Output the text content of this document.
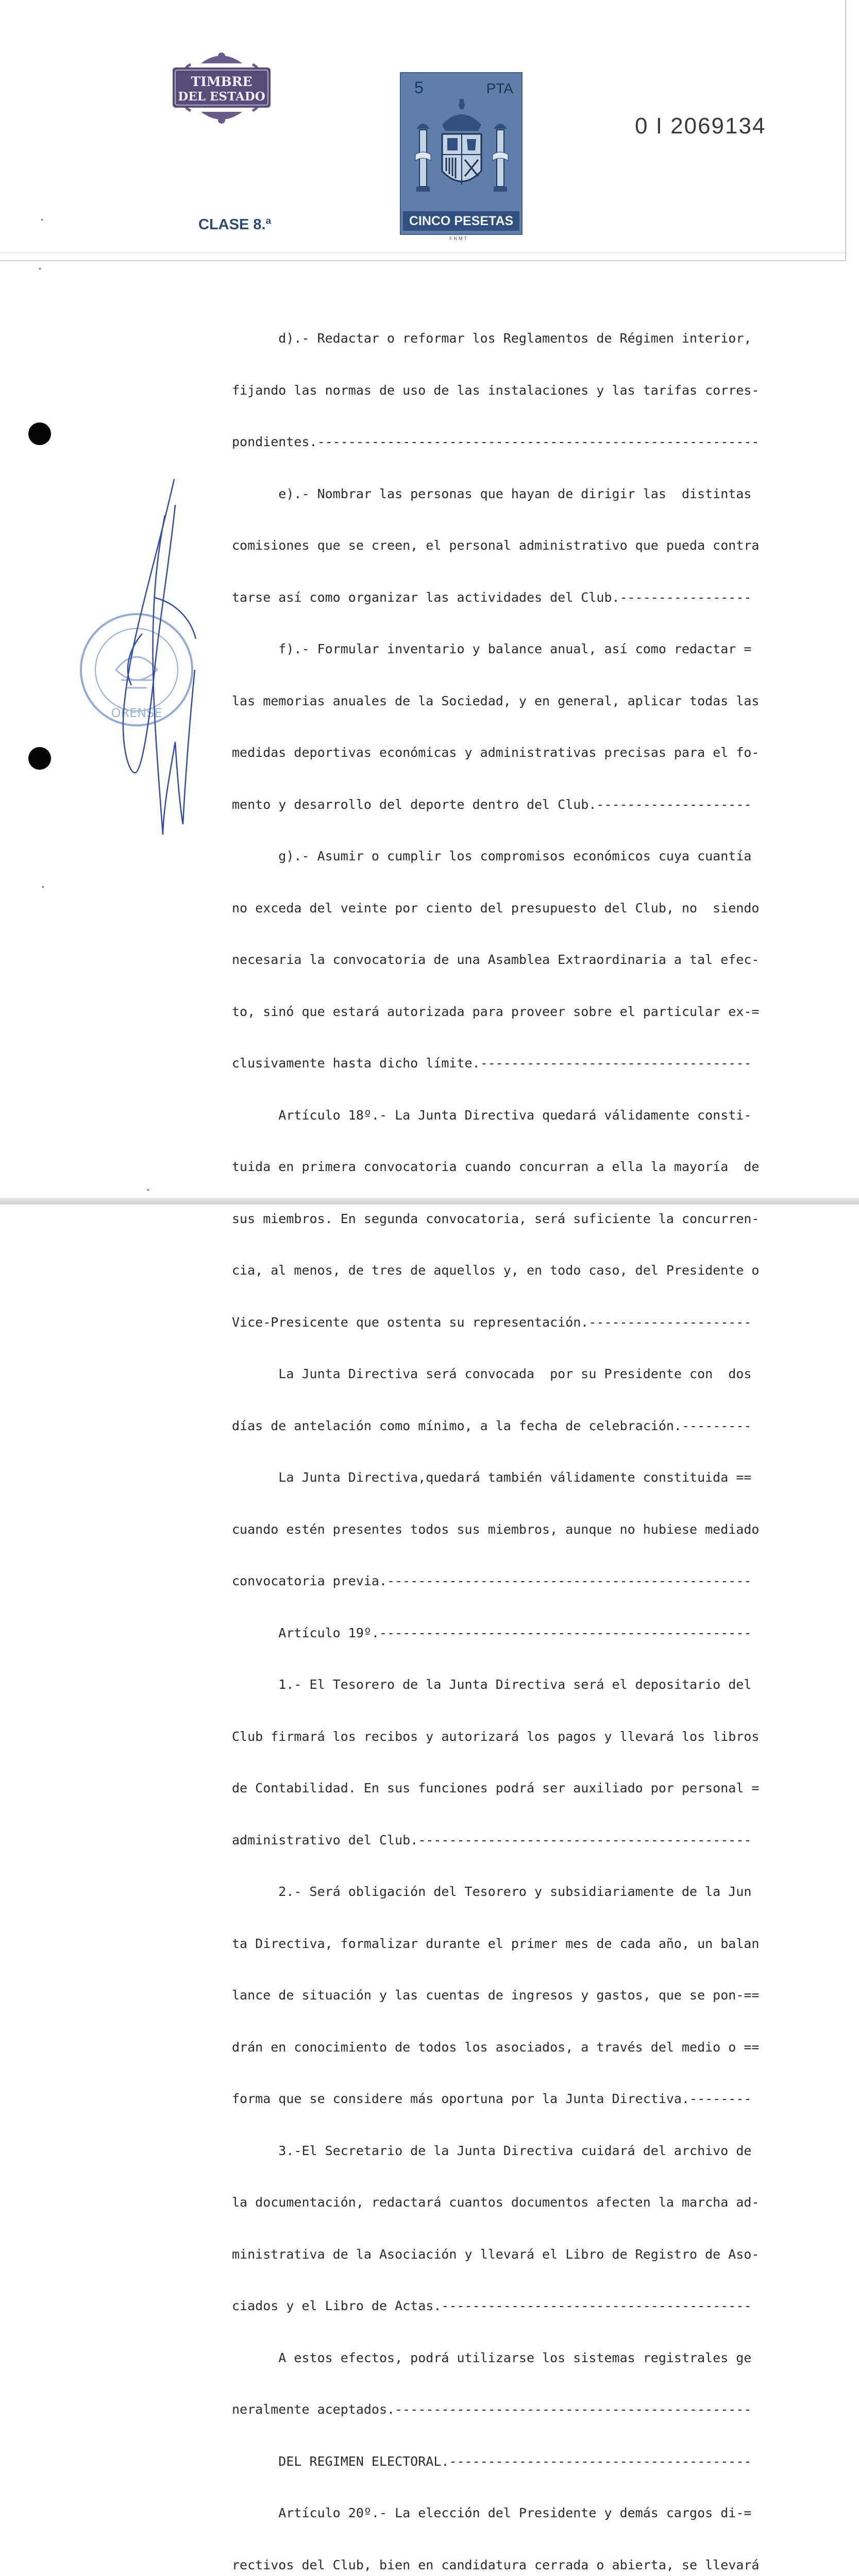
TIMBRE
DEL ESTADO	5	PTA
CINCO PESETAS
FNMT
0 I 2069134
CLASE 8.ª

d).- Redactar o reformar los Reglamentos de Régimen interior,

fijando las normas de uso de las instalaciones y las tarifas corres-

pondientes.---------------------------------------------------------

e).- Nombrar las personas que hayan de dirigir las  distintas

comisiones que se creen, el personal administrativo que pueda contra

tarse así como organizar las actividades del Club.-----------------

f).- Formular inventario y balance anual, así como redactar =

las memorias anuales de la Sociedad, y en general, aplicar todas las

medidas deportivas económicas y administrativas precisas para el fo-

mento y desarrollo del deporte dentro del Club.--------------------

g).- Asumir o cumplir los compromisos económicos cuya cuantía

no exceda del veinte por ciento del presupuesto del Club, no  siendo

necesaria la convocatoria de una Asamblea Extraordinaria a tal efec-

to, sinó que estará autorizada para proveer sobre el particular ex-=

clusivamente hasta dicho límite.-----------------------------------

Artículo 18º.- La Junta Directiva quedará válidamente consti-

tuida en primera convocatoria cuando concurran a ella la mayoría  de

sus miembros. En segunda convocatoria, será suficiente la concurren-

cia, al menos, de tres de aquellos y, en todo caso, del Presidente o

Vice-Presicente que ostenta su representación.---------------------

La Junta Directiva será convocada  por su Presidente con  dos

días de antelación como mínimo, a la fecha de celebración.---------

La Junta Directiva,quedará también válidamente constituida ==

cuando estén presentes todos sus miembros, aunque no hubiese mediado

convocatoria previa.-----------------------------------------------

Artículo 19º.------------------------------------------------

1.- El Tesorero de la Junta Directiva será el depositario del

Club firmará los recibos y autorizará los pagos y llevará los libros

de Contabilidad. En sus funciones podrá ser auxiliado por personal =

administrativo del Club.-------------------------------------------

2.- Será obligación del Tesorero y subsidiariamente de la Jun

ta Directiva, formalizar durante el primer mes de cada año, un balan

lance de situación y las cuentas de ingresos y gastos, que se pon-==

drán en conocimiento de todos los asociados, a través del medio o ==

forma que se considere más oportuna por la Junta Directiva.--------

3.-El Secretario de la Junta Directiva cuidará del archivo de

la documentación, redactará cuantos documentos afecten la marcha ad-

ministrativa de la Asociación y llevará el Libro de Registro de Aso-

ciados y el Libro de Actas.----------------------------------------

A estos efectos, podrá utilizarse los sistemas registrales ge

neralmente aceptados.----------------------------------------------

DEL REGIMEN ELECTORAL.---------------------------------------

Artículo 20º.- La elección del Presidente y demás cargos di-=

rectivos del Club, bien en candidatura cerrada o abierta, se llevará

ORENSE
